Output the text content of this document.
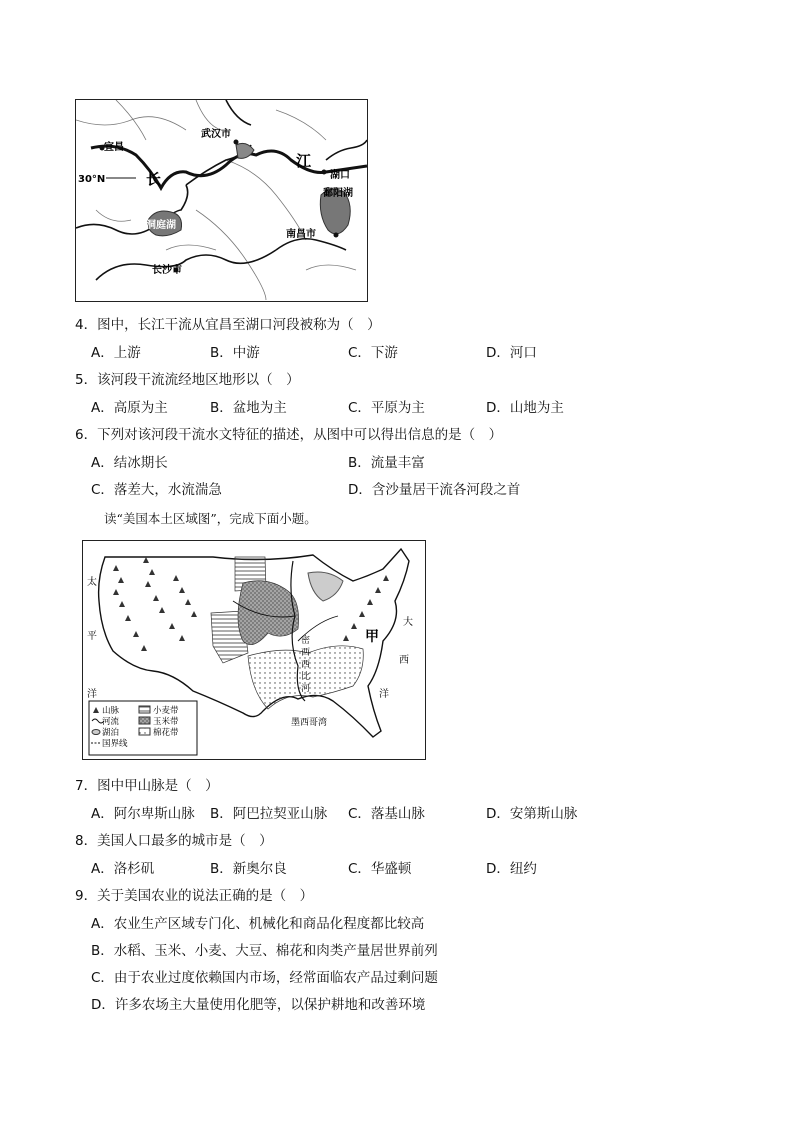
武汉市
宜昌
30°N	长
江
湖口
鄱阳湖
洞庭湖
南昌市
长沙市
4．图中，长江干流从宜昌至湖口河段被称为（　）
A．上游	B．中游	C．下游	D．河口
5．该河段干流流经地区地形以（　）
A．高原为主	B．盆地为主	C．平原为主	D．山地为主
6．下列对该河段干流水文特征的描述，从图中可以得出信息的是（　）
A．结冰期长	B．流量丰富
C．落差大，水流湍急	D．含沙量居干流各河段之首
读“美国本土区域图”，完成下面小题。
太
平
洋
大
西
洋
甲
密
西
西
比
河
墨西哥湾
山脉
河流
湖泊
国界线
小麦带
玉米带
棉花带
7．图中甲山脉是（　）
A．阿尔卑斯山脉 B．阿巴拉契亚山脉 C．落基山脉	D．安第斯山脉
8．美国人口最多的城市是（　）
A．洛杉矶	B．新奥尔良	C．华盛顿	D．纽约
9．关于美国农业的说法正确的是（　）
A．农业生产区域专门化、机械化和商品化程度都比较高
B．水稻、玉米、小麦、大豆、棉花和肉类产量居世界前列
C．由于农业过度依赖国内市场，经常面临农产品过剩问题
D．许多农场主大量使用化肥等，以保护耕地和改善环境
